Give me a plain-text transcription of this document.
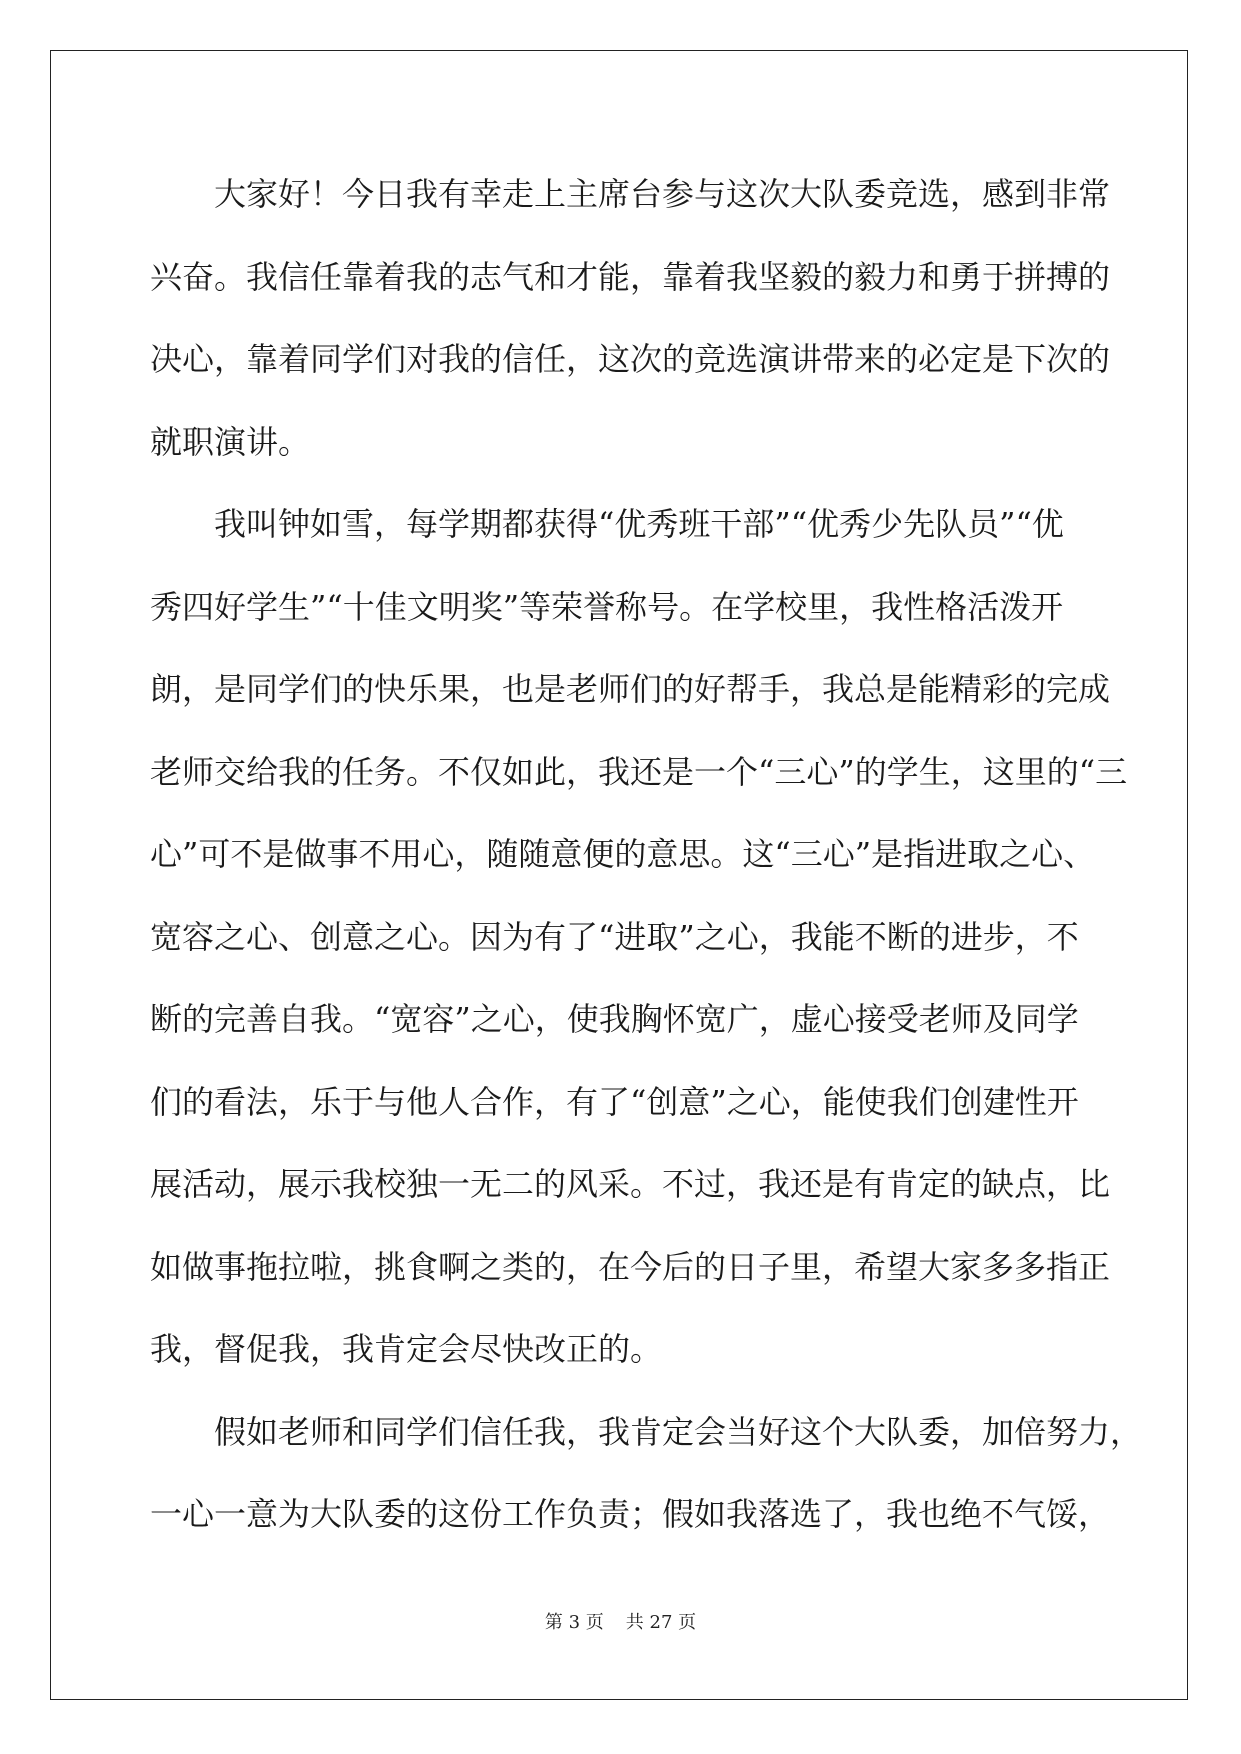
大家好！今日我有幸走上主席台参与这次大队委竞选，感到非常
兴奋。我信任靠着我的志气和才能，靠着我坚毅的毅力和勇于拼搏的
决心，靠着同学们对我的信任，这次的竞选演讲带来的必定是下次的
就职演讲。
我叫钟如雪，每学期都获得“优秀班干部”“优秀少先队员”“优
秀四好学生”“十佳文明奖”等荣誉称号。在学校里，我性格活泼开
朗，是同学们的快乐果，也是老师们的好帮手，我总是能精彩的完成
老师交给我的任务。不仅如此，我还是一个“三心”的学生，这里的“三
心”可不是做事不用心，随随意便的意思。这“三心”是指进取之心、
宽容之心、创意之心。因为有了“进取”之心，我能不断的进步，不
断的完善自我。“宽容”之心，使我胸怀宽广，虚心接受老师及同学
们的看法，乐于与他人合作，有了“创意”之心，能使我们创建性开
展活动，展示我校独一无二的风采。不过，我还是有肯定的缺点，比
如做事拖拉啦，挑食啊之类的，在今后的日子里，希望大家多多指正
我，督促我，我肯定会尽快改正的。
假如老师和同学们信任我，我肯定会当好这个大队委，加倍努力，
一心一意为大队委的这份工作负责；假如我落选了，我也绝不气馁，
第 3 页 共 27 页
